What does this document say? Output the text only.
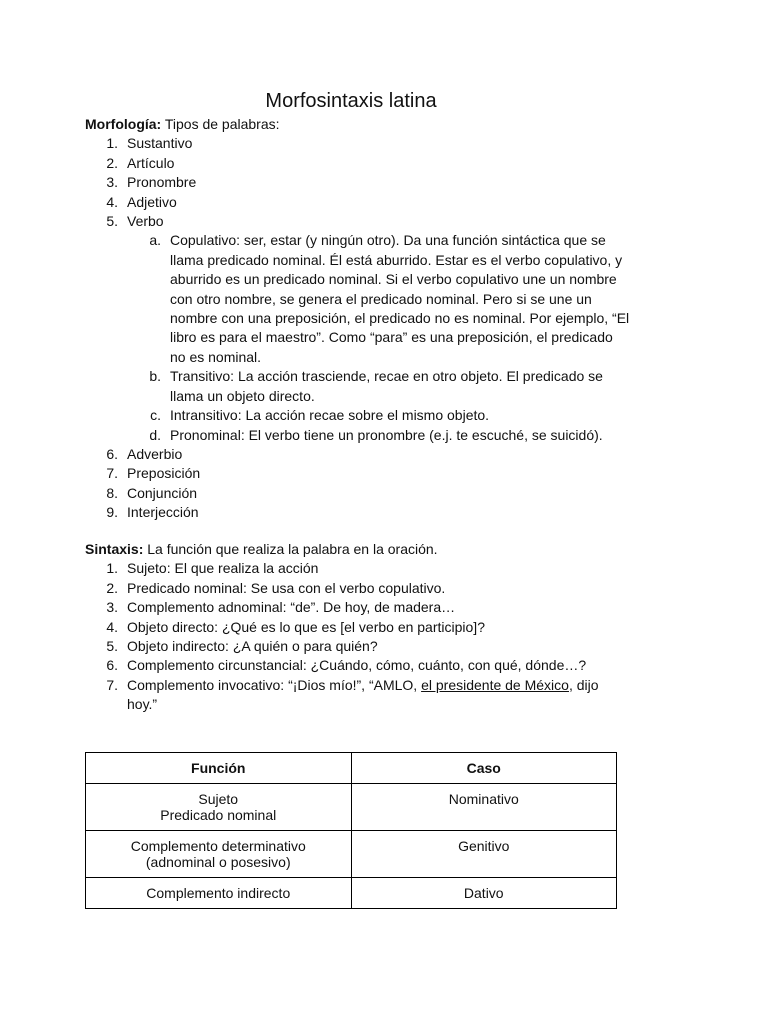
Morfosintaxis latina
Morfología: Tipos de palabras:
1. Sustantivo
2. Artículo
3. Pronombre
4. Adjetivo
5. Verbo
a. Copulativo: ser, estar (y ningún otro). Da una función sintáctica que se llama predicado nominal. Él está aburrido. Estar es el verbo copulativo, y aburrido es un predicado nominal. Si el verbo copulativo une un nombre con otro nombre, se genera el predicado nominal. Pero si se une un nombre con una preposición, el predicado no es nominal. Por ejemplo, “El libro es para el maestro”. Como “para” es una preposición, el predicado no es nominal.
b. Transitivo: La acción trasciende, recae en otro objeto. El predicado se llama un objeto directo.
c. Intransitivo: La acción recae sobre el mismo objeto.
d. Pronominal: El verbo tiene un pronombre (e.j. te escuché, se suicidó).
6. Adverbio
7. Preposición
8. Conjunción
9. Interjección
Sintaxis: La función que realiza la palabra en la oración.
1. Sujeto: El que realiza la acción
2. Predicado nominal: Se usa con el verbo copulativo.
3. Complemento adnominal: “de”. De hoy, de madera…
4. Objeto directo: ¿Qué es lo que es [el verbo en participio]?
5. Objeto indirecto: ¿A quién o para quién?
6. Complemento circunstancial: ¿Cuándo, cómo, cuánto, con qué, dónde…?
7. Complemento invocativo: “¡Dios mío!”, “AMLO, el presidente de México, dijo hoy.”
Función	Caso

Sujeto
Predicado nominal	Nominativo

Complemento determinativo
(adnominal o posesivo)	Genitivo

Complemento indirecto	Dativo
